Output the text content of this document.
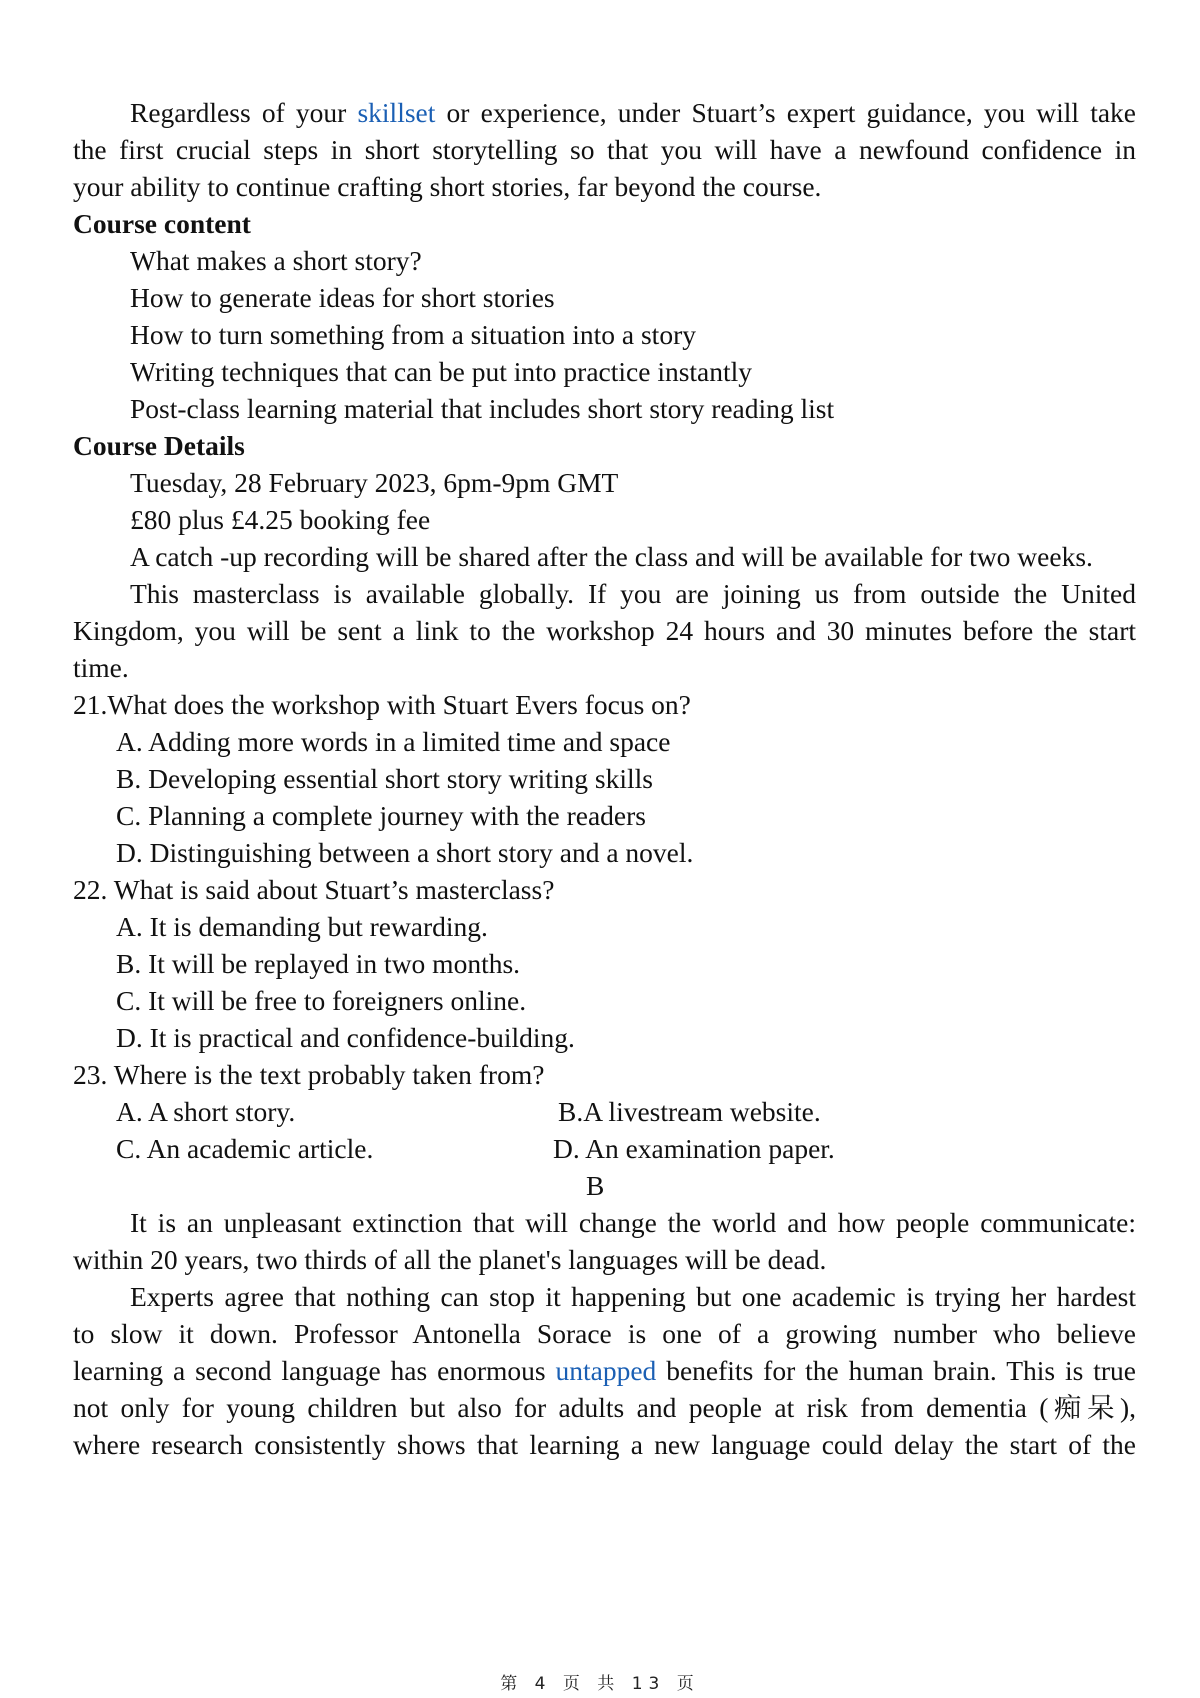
Regardless of your skillset or experience, under Stuart’s expert guidance, you will take
the first crucial steps in short storytelling so that you will have a newfound confidence in
your ability to continue crafting short stories, far beyond the course.
Course content
What makes a short story?
How to generate ideas for short stories
How to turn something from a situation into a story
Writing techniques that can be put into practice instantly
Post-class learning material that includes short story reading list
Course Details
Tuesday, 28 February 2023, 6pm-9pm GMT
£80 plus £4.25 booking fee
A catch -up recording will be shared after the class and will be available for two weeks.
This masterclass is available globally. If you are joining us from outside the United
Kingdom, you will be sent a link to the workshop 24 hours and 30 minutes before the start
time.
21.What does the workshop with Stuart Evers focus on?
A. Adding more words in a limited time and space
B. Developing essential short story writing skills
C. Planning a complete journey with the readers
D. Distinguishing between a short story and a novel.
22. What is said about Stuart’s masterclass?
A. It is demanding but rewarding.
B. It will be replayed in two months.
C. It will be free to foreigners online.
D. It is practical and confidence-building.
23. Where is the text probably taken from?
A. A short story.	B.A livestream website.
C. An academic article.	D. An examination paper.
B
It is an unpleasant extinction that will change the world and how people communicate:
within 20 years, two thirds of all the planet's languages will be dead.
Experts agree that nothing can stop it happening but one academic is trying her hardest
to slow it down. Professor Antonella Sorace is one of a growing number who believe
learning a second language has enormous untapped benefits for the human brain. This is true
not only for young children but also for adults and people at risk from dementia (痴呆),
where research consistently shows that learning a new language could delay the start of the
第 4 页 共 13 页
